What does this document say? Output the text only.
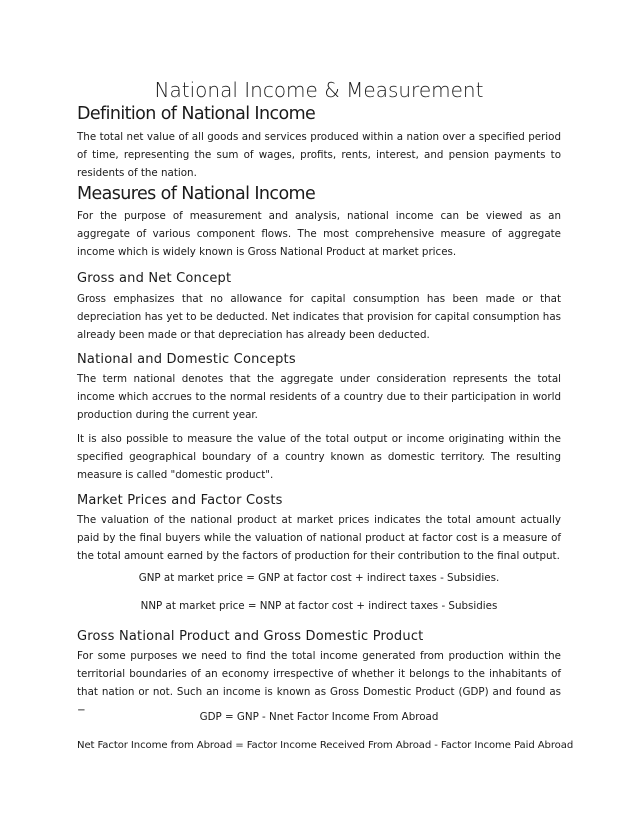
National Income & Measurement
Definition of National Income

The total net value of all goods and services produced within a nation over a specified period of time, representing the sum of wages, profits, rents, interest, and pension payments to residents of the nation.

Measures of National Income

For the purpose of measurement and analysis, national income can be viewed as an aggregate of various component flows. The most comprehensive measure of aggregate income which is widely known is Gross National Product at market prices.

Gross and Net Concept

Gross emphasizes that no allowance for capital consumption has been made or that depreciation has yet to be deducted. Net indicates that provision for capital consumption has already been made or that depreciation has already been deducted.

National and Domestic Concepts

The term national denotes that the aggregate under consideration represents the total income which accrues to the normal residents of a country due to their participation in world production during the current year.

It is also possible to measure the value of the total output or income originating within the specified geographical boundary of a country known as domestic territory. The resulting measure is called "domestic product".

Market Prices and Factor Costs

The valuation of the national product at market prices indicates the total amount actually paid by the final buyers while the valuation of national product at factor cost is a measure of the total amount earned by the factors of production for their contribution to the final output.

GNP at market price = GNP at factor cost + indirect taxes - Subsidies.

NNP at market price = NNP at factor cost + indirect taxes - Subsidies

Gross National Product and Gross Domestic Product

For some purposes we need to find the total income generated from production within the territorial boundaries of an economy irrespective of whether it belongs to the inhabitants of that nation or not. Such an income is known as Gross Domestic Product (GDP) and found as −

GDP = GNP - Nnet Factor Income From Abroad

Net Factor Income from Abroad = Factor Income Received From Abroad - Factor Income Paid Abroad
